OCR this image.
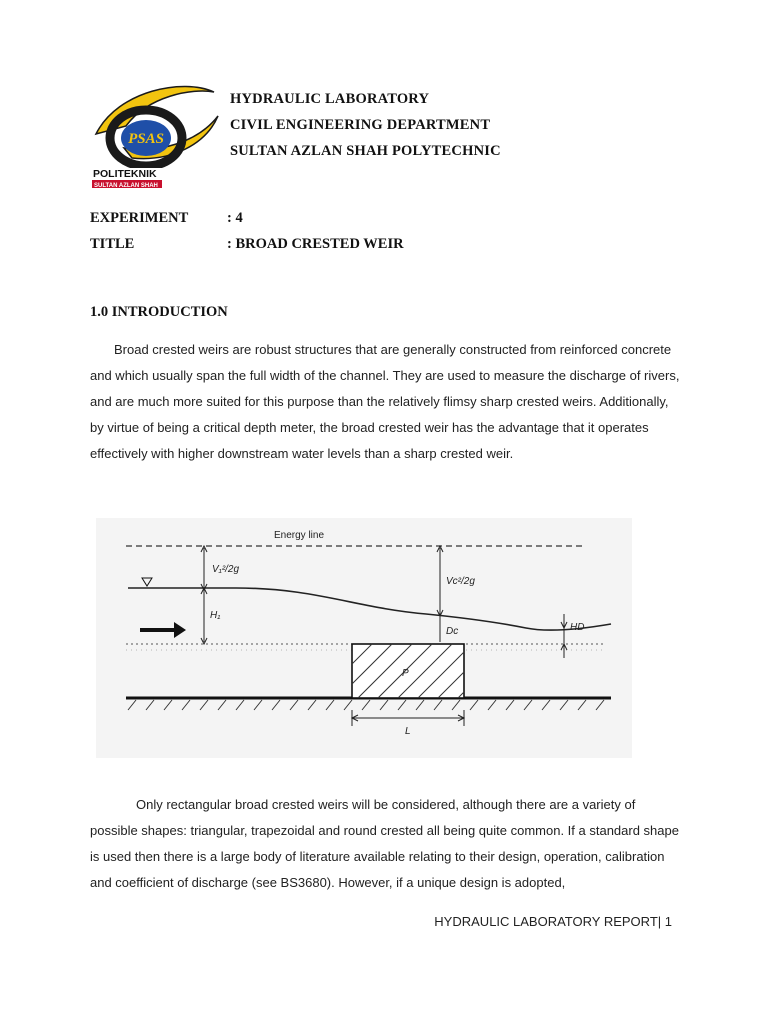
PSAS
POLITEKNIK
SULTAN AZLAN SHAH
HYDRAULIC LABORATORY
CIVIL ENGINEERING DEPARTMENT
SULTAN AZLAN SHAH POLYTECHNIC
EXPERIMENT	: 4
TITLE	: BROAD CRESTED WEIR
1.0 INTRODUCTION
Broad crested weirs are robust structures that are generally constructed from reinforced concrete and which usually span the full width of the channel. They are used to measure the discharge of rivers, and are much more suited for this purpose than the relatively flimsy sharp crested weirs. Additionally, by virtue of being a critical depth meter, the broad crested weir has the advantage that it operates effectively with higher downstream water levels than a sharp crested weir.
Energy line
V₁²/2g
H₁
Vc²/2g
Dc	HD
P
L
Only rectangular broad crested weirs will be considered, although there are a variety of possible shapes: triangular, trapezoidal and round crested all being quite common. If a standard shape is used then there is a large body of literature available relating to their design, operation, calibration and coefficient of discharge (see BS3680). However, if a unique design is adopted,
HYDRAULIC LABORATORY REPORT| 1
